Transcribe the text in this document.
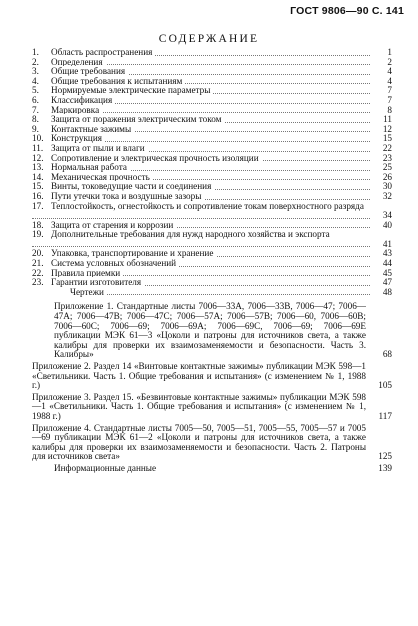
ГОСТ 9806—90 С. 141
СОДЕРЖАНИЕ
1. Область распространения	1
2. Определения	2
3. Общие требования	4
4. Общие требования к испытаниям	4
5. Нормируемые электрические параметры	7
6. Классификация	7
7. Маркировка	8
8. Защита от поражения электрическим током	11
9. Контактные зажимы	12
10. Конструкция	15
11. Защита от пыли и влаги	22
12. Сопротивление и электрическая прочность изоляции	23
13. Нормальная работа	25
14. Механическая прочность	26
15. Винты, токоведущие части и соединения	30
16. Пути утечки тока и воздушные зазоры	32
17. Теплостойкость, огнестойкость и сопротивление токам поверхностного разряда
34
18. Защита от старения и коррозии	40
19. Дополнительные требования для нужд народного хозяйства и экспорта
41
20. Упаковка, транспортирование и хранение	43
21. Система условных обозначений	44
22. Правила приемки	45
23. Гарантии изготовителя	47
Чертежи	48
Приложение 1. Стандартные листы 7006—33А, 7006—33В, 7006—47; 7006—47А; 7006—47В; 7006—47С; 7006—57А; 7006—57В; 7006—60, 7006—60В; 7006—60С; 7006—69; 7006—69А; 7006—69С, 7006—69; 7006—69Е публикации МЭК 61—3 «Цоколи и патроны для источников света, а также калибры для проверки их взаимозаменяемости и безопасности. Часть 3. Калибры»	68
Приложение 2. Раздел 14 «Винтовые контактные зажимы» публикации МЭК 598—1 «Светильники. Часть 1. Общие требования и испытания» (с изменением № 1, 1988 г.)	105
Приложение 3. Раздел 15. «Безвинтовые контактные зажимы» публикации МЭК 598—1 «Светильники. Часть 1. Общие требования и испытания» (с изменением № 1, 1988 г.)	117
Приложение 4. Стандартные листы 7005—50, 7005—51, 7005—55, 7005—57 и 7005—69 публикации МЭК 61—2 «Цоколи и патроны для источников света, а также калибры для проверки их взаимозаменяемости и безопасности. Часть 2. Патроны для источников света»	125
Информационные данные	139
